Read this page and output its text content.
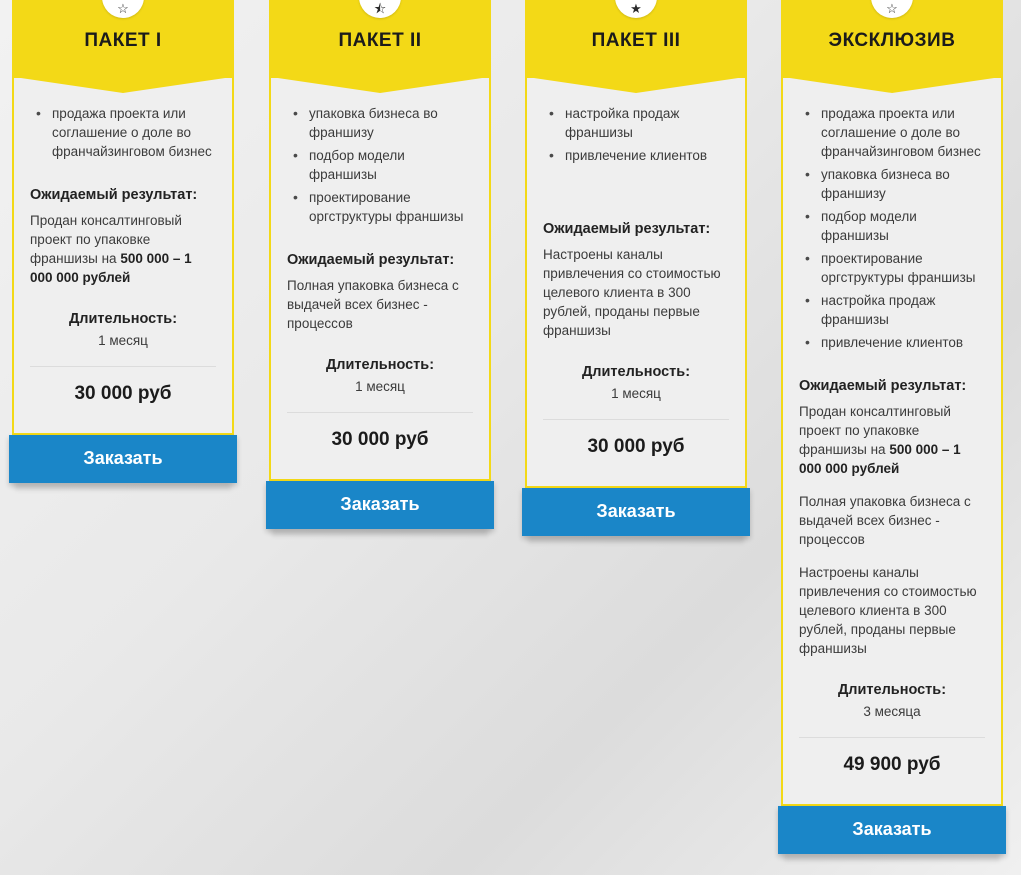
☆
ПАКЕТ I
• продажа проекта или соглашение о доле во франчайзинговом бизнес
Ожидаемый результат:
Продан консалтинговый проект по упаковке франшизы на 500 000 – 1 000 000 рублей
Длительность:
1 месяц
30 000 руб
Заказать
⯪
ПАКЕТ II
• упаковка бизнеса во франшизу
• подбор модели франшизы
• проектирование оргструктуры франшизы
Ожидаемый результат:
Полная упаковка бизнеса с выдачей всех бизнес - процессов
Длительность:
1 месяц
30 000 руб
Заказать
★
ПАКЕТ III
• настройка продаж франшизы
• привлечение клиентов
Ожидаемый результат:
Настроены каналы привлечения со стоимостью целевого клиента в 300 рублей, проданы первые франшизы
Длительность:
1 месяц
30 000 руб
Заказать
☆
ЭКСКЛЮЗИВ
• продажа проекта или соглашение о доле во франчайзинговом бизнес
• упаковка бизнеса во франшизу
• подбор модели франшизы
• проектирование оргструктуры франшизы
• настройка продаж франшизы
• привлечение клиентов
Ожидаемый результат:
Продан консалтинговый проект по упаковке франшизы на 500 000 – 1 000 000 рублей
Полная упаковка бизнеса с выдачей всех бизнес - процессов
Настроены каналы привлечения со стоимостью целевого клиента в 300 рублей, проданы первые франшизы
Длительность:
3 месяца
49 900 руб
Заказать
